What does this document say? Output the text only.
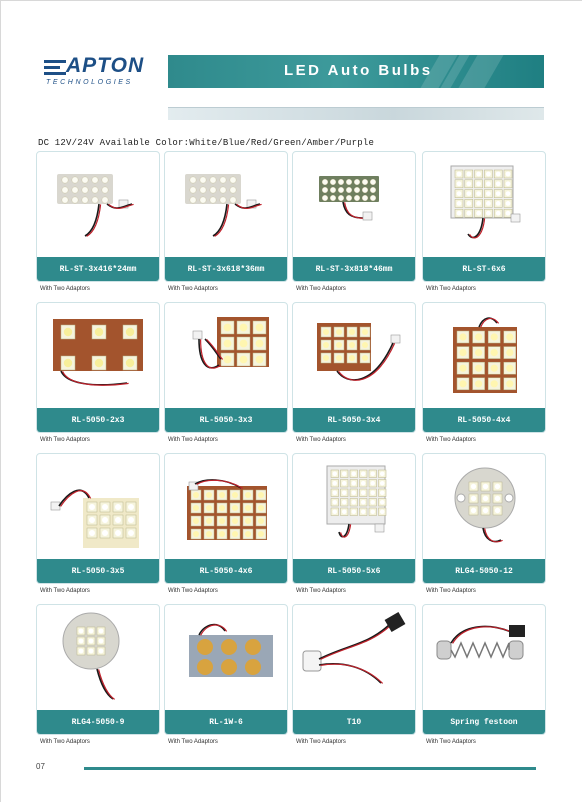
APTON
TECHNOLOGIES
LED Auto Bulbs
DC 12V/24V Available Color:White/Blue/Red/Green/Amber/Purple
RL-ST-3x416*24mm
With Two Adaptors
RL-ST-3x618*36mm
With Two Adaptors
RL-ST-3x818*46mm
With Two Adaptors
RL-ST-6x6
With Two Adaptors
RL-5050-2x3
With Two Adaptors
RL-5050-3x3
With Two Adaptors
RL-5050-3x4
With Two Adaptors
RL-5050-4x4
With Two Adaptors
RL-5050-3x5
With Two Adaptors
RL-5050-4x6
With Two Adaptors
RL-5050-5x6
With Two Adaptors
RLG4-5050-12
With Two Adaptors
RLG4-5050-9
With Two Adaptors
RL-1W-6
With Two Adaptors
T10
With Two Adaptors
Spring festoon
With Two Adaptors
07
